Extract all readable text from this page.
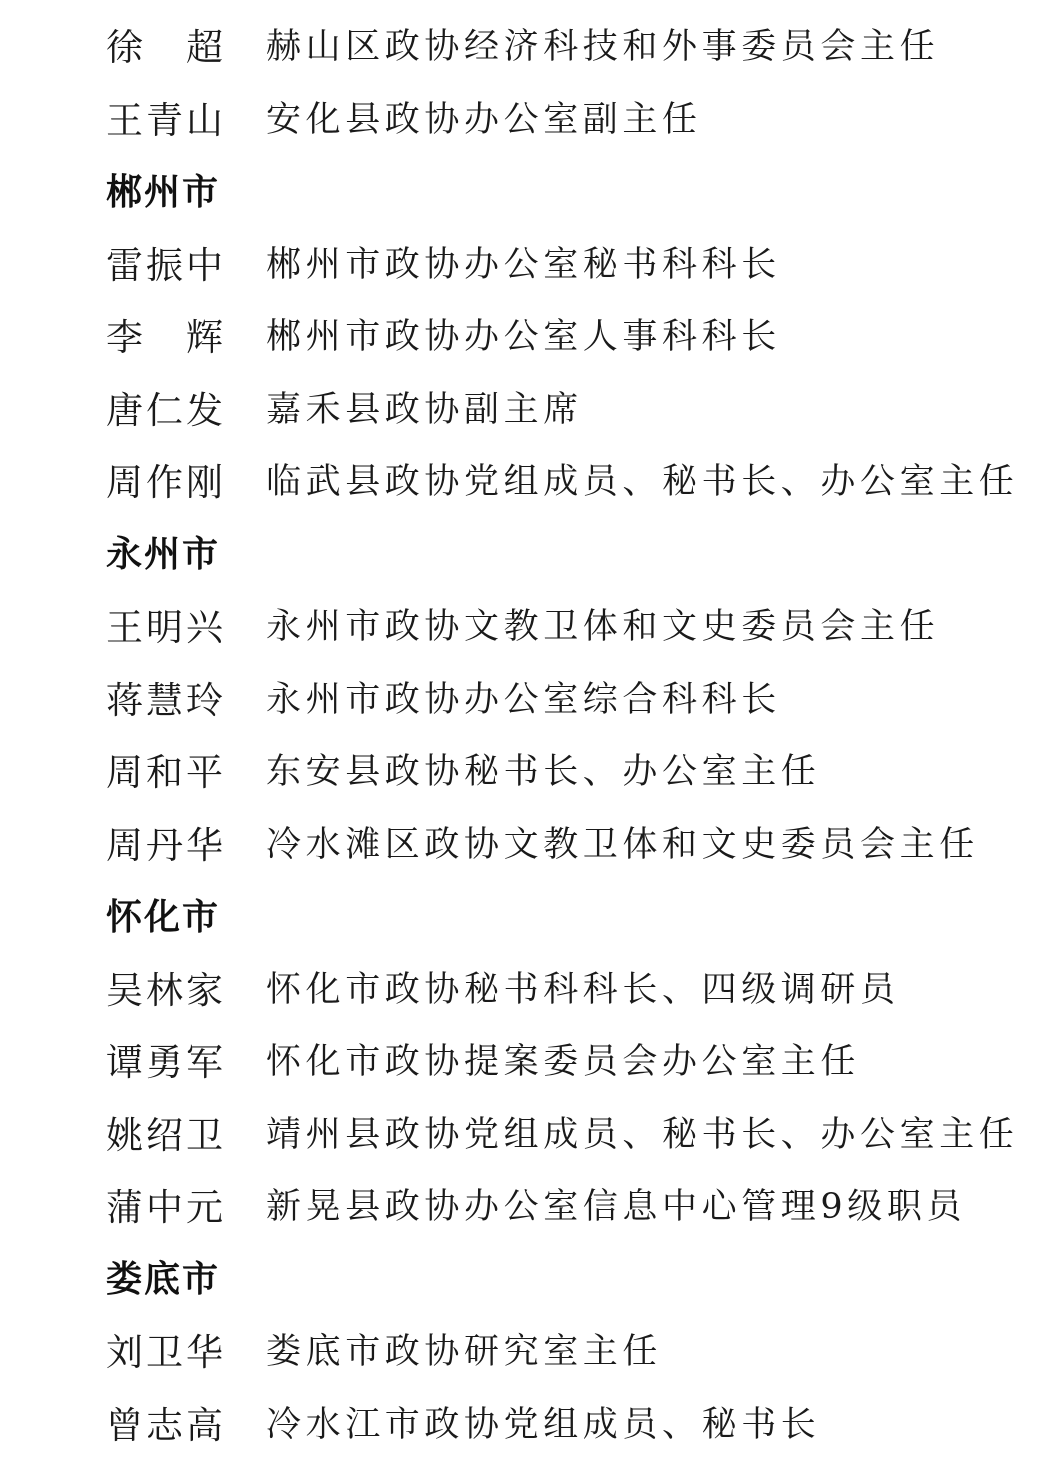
徐 超 赫山区政协经济科技和外事委员会主任
王青山	安化县政协办公室副主任
郴州市
雷振中	郴州市政协办公室秘书科科长
李 辉 郴州市政协办公室人事科科长
唐仁发	嘉禾县政协副主席
周作刚	临武县政协党组成员、秘书长、办公室主任
永州市
王明兴	永州市政协文教卫体和文史委员会主任
蒋慧玲	永州市政协办公室综合科科长
周和平	东安县政协秘书长、办公室主任
周丹华	冷水滩区政协文教卫体和文史委员会主任
怀化市
吴林家	怀化市政协秘书科科长、四级调研员
谭勇军	怀化市政协提案委员会办公室主任
姚绍卫	靖州县政协党组成员、秘书长、办公室主任
蒲中元	新晃县政协办公室信息中心管理9级职员
娄底市
刘卫华	娄底市政协研究室主任
曾志高	冷水江市政协党组成员、秘书长
